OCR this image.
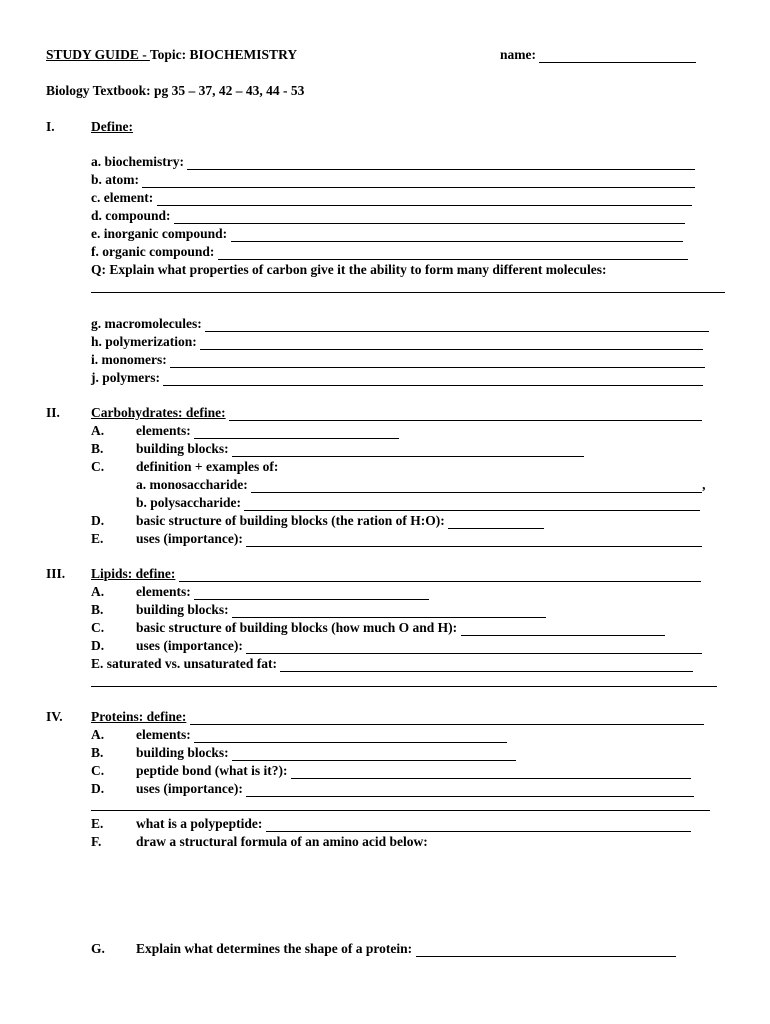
STUDY GUIDE - Topic: BIOCHEMISTRY	name:
Biology Textbook: pg 35 – 37, 42 – 43, 44 - 53
I.	Define:
a. biochemistry:
b. atom:
c. element:
d. compound:
e. inorganic compound:
f. organic compound:
Q: Explain what properties of carbon give it the ability to form many different molecules:
g. macromolecules:
h. polymerization:
i. monomers:
j. polymers:
II. Carbohydrates: define:
A. elements:
B. building blocks:
C. definition + examples of:
a. monosaccharide:	,
b. polysaccharide:
D. basic structure of building blocks (the ration of H:O):
E. uses (importance):
III. Lipids: define:
A. elements:
B. building blocks:
C. basic structure of building blocks (how much O and H):
D. uses (importance):
E. saturated vs. unsaturated fat:
IV. Proteins: define:
A. elements:
B. building blocks:
C. peptide bond (what is it?):
D. uses (importance):
E. what is a polypeptide:
F.	draw a structural formula of an amino acid below:
G. Explain what determines the shape of a protein:
